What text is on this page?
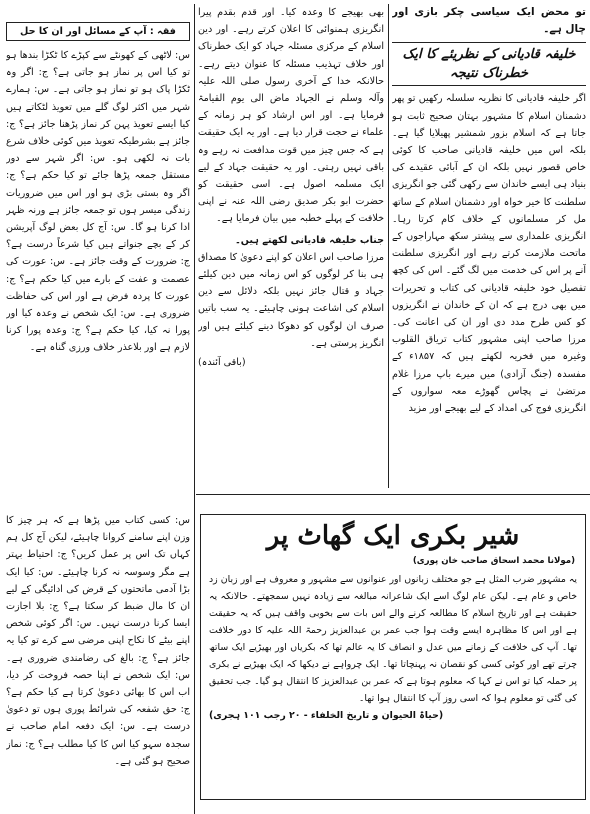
تو محض ایک سیاسی چکر بازی اور چال ہے۔

خلیفہ قادیانی کے نظریئے کا ایک خطرناک نتیجہ

اگر خلیفہ قادیانی کا نظریہ سلسلہ رکھیں تو پھر دشمنان اسلام کا مشہور بہتان صحیح ثابت ہو جاتا ہے کہ اسلام بزور شمشیر پھیلایا گیا ہے۔ بلکہ اس میں خلیفہ قادیانی صاحب کا کوئی خاص قصور نہیں بلکہ ان کے آبائی عقیدے کی بنیاد ہی ایسے خاندان سے رکھی گئی جو انگریزی سلطنت کا خیر خواہ اور دشمنان اسلام کے ساتھ مل کر مسلمانوں کے خلاف کام کرتا رہا۔ انگریزی علمداری سے پیشتر سکھ مہاراجوں کے ماتحت ملازمت کرتے رہے اور انگریزی سلطنت آنے پر اس کی خدمت میں لگ گئے۔ اس کی کچھ تفصیل خود خلیفہ قادیانی کی کتاب و تحریرات میں بھی درج ہے کہ ان کے خاندان نے انگریزوں کو کس طرح مدد دی اور ان کی اعانت کی۔ مرزا صاحب اپنی مشہور کتاب تریاق القلوب وغیرہ میں فخریہ لکھتے ہیں کہ ۱۸۵۷ء کے مفسدہ (جنگ آزادی) میں میرے باپ مرزا غلام مرتضیٰ نے پچاس گھوڑے معہ سواروں کے انگریزی فوج کی امداد کے لیے بھیجے اور مزید

بھی بھیجے کا وعدہ کیا۔ اور قدم بقدم پیرا انگریزی ہمنوائی کا اعلان کرتے رہے۔ اور دین اسلام کے مرکزی مسئلہ جہاد کو ایک خطرناک اور خلاف تہذیب مسئلہ کا عنوان دیتے رہے۔ حالانکہ خدا کے آخری رسول صلی اللہ علیہ وآلہ وسلم نے الجہاد ماض الی یوم القیامۃ فرمایا ہے۔ اور اس ارشاد کو ہر زمانہ کے علماء نے حجت قرار دیا ہے۔ اور یہ ایک حقیقت ہے کہ جس چیز میں قوت مدافعت نہ رہے وہ باقی نہیں رہتی۔ اور یہ حقیقت جہاد کے لیے ایک مسلمہ اصول ہے۔ اسی حقیقت کو حضرت ابو بکر صدیق رضی اللہ عنہ نے اپنی خلافت کے پہلے خطبہ میں بیان فرمایا ہے۔

جناب خلیفہ قادیانی لکھتے ہیں۔

مرزا صاحب اس اعلان کو اپنے دعویٰ کا مصداق ہی بنا کر لوگوں کو اس زمانہ میں دین کیلئے جہاد و قتال جائز نہیں بلکہ دلائل سے دین اسلام کی اشاعت ہونی چاہیئے۔ یہ سب باتیں صرف ان لوگوں کو دھوکا دینے کیلئے ہیں اور انگریز پرستی ہے۔

(باقی آئندہ)

فقہ : آپ کے مسائل اور ان کا حل

س: لاٹھی کے کھونٹے سے کپڑے کا ٹکڑا بندھا ہو تو کیا اس پر نماز ہو جاتی ہے؟ ج: اگر وہ ٹکڑا پاک ہو تو نماز ہو جاتی ہے۔ س: ہمارے شہر میں اکثر لوگ گلے میں تعویذ لٹکاتے ہیں کیا ایسے تعویذ پہن کر نماز پڑھنا جائز ہے؟ ج: جائز ہے بشرطیکہ تعویذ میں کوئی خلاف شرع بات نہ لکھی ہو۔ س: اگر شہر سے دور مستقل جمعہ پڑھا جائے تو کیا حکم ہے؟ ج: اگر وہ بستی بڑی ہو اور اس میں ضروریات زندگی میسر ہوں تو جمعہ جائز ہے ورنہ ظہر ادا کرنا ہو گا۔ س: آج کل بعض لوگ آپریشن کر کے بچے جنواتے ہیں کیا شرعاً درست ہے؟ ج: ضرورت کے وقت جائز ہے۔ س: عورت کی عصمت و عفت کے بارے میں کیا حکم ہے؟ ج: عورت کا پردہ فرض ہے اور اس کی حفاظت ضروری ہے۔ س: ایک شخص نے وعدہ کیا اور پورا نہ کیا، کیا حکم ہے؟ ج: وعدہ پورا کرنا لازم ہے اور بلاعذر خلاف ورزی گناہ ہے۔

س: کسی کتاب میں پڑھا ہے کہ ہر چیز کا وزن اپنے سامنے کروانا چاہیئے، لیکن آج کل ہم کہاں تک اس پر عمل کریں؟ ج: احتیاط بہتر ہے مگر وسوسہ نہ کرنا چاہیئے۔ س: کیا ایک بڑا آدمی ماتحتوں کے قرض کی ادائیگی کے لیے ان کا مال ضبط کر سکتا ہے؟ ج: بلا اجازت ایسا کرنا درست نہیں۔ س: اگر کوئی شخص اپنے بیٹے کا نکاح اپنی مرضی سے کرے تو کیا یہ جائز ہے؟ ج: بالغ کی رضامندی ضروری ہے۔ س: ایک شخص نے اپنا حصہ فروخت کر دیا، اب اس کا بھائی دعویٰ کرتا ہے کیا حکم ہے؟ ج: حق شفعہ کی شرائط پوری ہوں تو دعویٰ درست ہے۔ س: ایک دفعہ امام صاحب نے سجدہ سہو کیا اس کا کیا مطلب ہے؟ ج: نماز صحیح ہو گئی ہے۔

شیر بکری ایک گھاٹ پر
(مولانا محمد اسحاق صاحب خان پوری)

یہ مشہور ضرب المثل ہے جو مختلف زبانوں اور عنوانوں سے مشہور و معروف ہے اور زبان زد خاص و عام ہے۔ لیکن عام لوگ اسے ایک شاعرانہ مبالغہ سے زیادہ نہیں سمجھتے۔ حالانکہ یہ حقیقت ہے اور تاریخ اسلام کا مطالعہ کرنے والے اس بات سے بخوبی واقف ہیں کہ یہ حقیقت ہے اور اس کا مظاہرہ ایسے وقت ہوا جب عمر بن عبدالعزیز رحمۃ اللہ علیہ کا دور خلافت تھا۔ آپ کی خلافت کے زمانے میں عدل و انصاف کا یہ عالم تھا کہ بکریاں اور بھیڑیے ایک ساتھ چرتے تھے اور کوئی کسی کو نقصان نہ پہنچاتا تھا۔ ایک چرواہے نے دیکھا کہ ایک بھیڑیے نے بکری پر حملہ کیا تو اس نے کہا کہ معلوم ہوتا ہے کہ عمر بن عبدالعزیز کا انتقال ہو گیا۔ جب تحقیق کی گئی تو معلوم ہوا کہ اسی روز آپ کا انتقال ہوا تھا۔

(حیاۃ الحیوان و تاریخ الخلفاء - ۲۰ رجب ۱۰۱ ہجری)
